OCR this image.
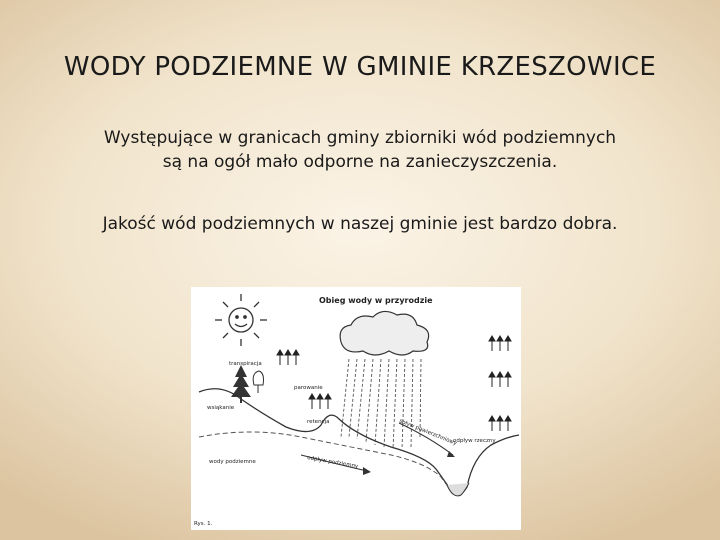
WODY PODZIEMNE W GMINIE KRZESZOWICE
Występujące w granicach gminy zbiorniki wód podziemnych
są na ogół mało odporne na zanieczyszczenia.
Jakość wód podziemnych w naszej gminie jest bardzo dobra.
Obieg wody w przyrodzie
transpiracja
parowanie
wsiąkanie
retencja	spływ powierzchniowy
odpływ rzeczny
wody podziemne	odpływ podziemny
Rys. 1.
